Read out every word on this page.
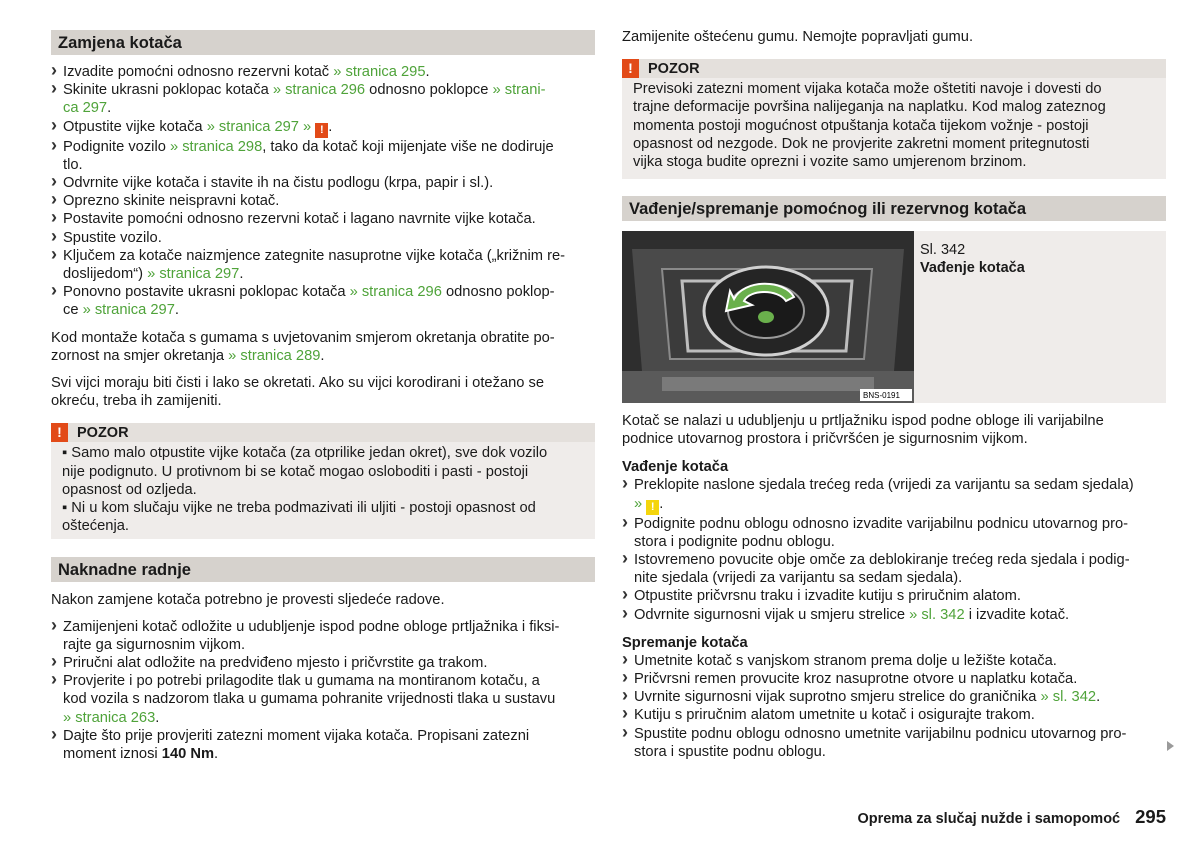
Zamjena kotača
› Izvadite pomoćni odnosno rezervni kotač » stranica 295.
› Skinite ukrasni poklopac kotača » stranica 296 odnosno poklopce » strani-
ca 297.
› Otpustite vijke kotača » stranica 297 » ! .
› Podignite vozilo » stranica 298, tako da kotač koji mijenjate više ne dodiruje
tlo.
› Odvrnite vijke kotača i stavite ih na čistu podlogu (krpa, papir i sl.).
› Oprezno skinite neispravni kotač.
› Postavite pomoćni odnosno rezervni kotač i lagano navrnite vijke kotača.
› Spustite vozilo.
› Ključem za kotače naizmjence zategnite nasuprotne vijke kotača („križnim re-
doslijedom“) » stranica 297.
› Ponovno postavite ukrasni poklopac kotača » stranica 296 odnosno poklop-
ce » stranica 297.

Kod montaže kotača s gumama s uvjetovanim smjerom okretanja obratite po-
zornost na smjer okretanja » stranica 289.

Svi vijci moraju biti čisti i lako se okretati. Ako su vijci korodirani i otežano se
okreću, treba ih zamijeniti.

!	POZOR
▪ Samo malo otpustite vijke kotača (za otprilike jedan okret), sve dok vozilo
nije podignuto. U protivnom bi se kotač mogao osloboditi i pasti - postoji
opasnost od ozljeda.
▪ Ni u kom slučaju vijke ne treba podmazivati ili uljiti - postoji opasnost od
oštećenja.
Naknadne radnje

Nakon zamjene kotača potrebno je provesti sljedeće radove.

› Zamijenjeni kotač odložite u udubljenje ispod podne obloge prtljažnika i fiksi-
rajte ga sigurnosnim vijkom.
› Priručni alat odložite na predviđeno mjesto i pričvrstite ga trakom.
› Provjerite i po potrebi prilagodite tlak u gumama na montiranom kotaču, a
kod vozila s nadzorom tlaka u gumama pohranite vrijednosti tlaka u sustavu
» stranica 263.
› Dajte što prije provjeriti zatezni moment vijaka kotača. Propisani zatezni
moment iznosi 140 Nm.

Zamijenite oštećenu gumu. Nemojte popravljati gumu.

!	POZOR
Previsoki zatezni moment vijaka kotača može oštetiti navoje i dovesti do
trajne deformacije površina nalijeganja na naplatku. Kod malog zateznog
momenta postoji mogućnost otpuštanja kotača tijekom vožnje - postoji
opasnost od nezgode. Dok ne provjerite zakretni moment pritegnutosti
vijka stoga budite oprezni i vozite samo umjerenom brzinom.
Vađenje/spremanje pomoćnog ili rezervnog kotača
BNS-0191
Sl. 342
Vađenje kotača

Kotač se nalazi u udubljenju u prtljažniku ispod podne obloge ili varijabilne
podnice utovarnog prostora i pričvršćen je sigurnosnim vijkom.

Vađenje kotača
› Preklopite naslone sjedala trećeg reda (vrijedi za varijantu sa sedam sjedala)
» ! .
› Podignite podnu oblogu odnosno izvadite varijabilnu podnicu utovarnog pro-
stora i podignite podnu oblogu.
› Istovremeno povucite obje omče za deblokiranje trećeg reda sjedala i podig-
nite sjedala (vrijedi za varijantu sa sedam sjedala).
› Otpustite pričvrsnu traku i izvadite kutiju s priručnim alatom.
› Odvrnite sigurnosni vijak u smjeru strelice » sl. 342 i izvadite kotač.
Spremanje kotača
› Umetnite kotač s vanjskom stranom prema dolje u ležište kotača.
› Pričvrsni remen provucite kroz nasuprotne otvore u naplatku kotača.
› Uvrnite sigurnosni vijak suprotno smjeru strelice do graničnika » sl. 342.
› Kutiju s priručnim alatom umetnite u kotač i osigurajte trakom.
› Spustite podnu oblogu odnosno umetnite varijabilnu podnicu utovarnog pro-
stora i spustite podnu oblogu.
Oprema za slučaj nužde i samopomoć 295
